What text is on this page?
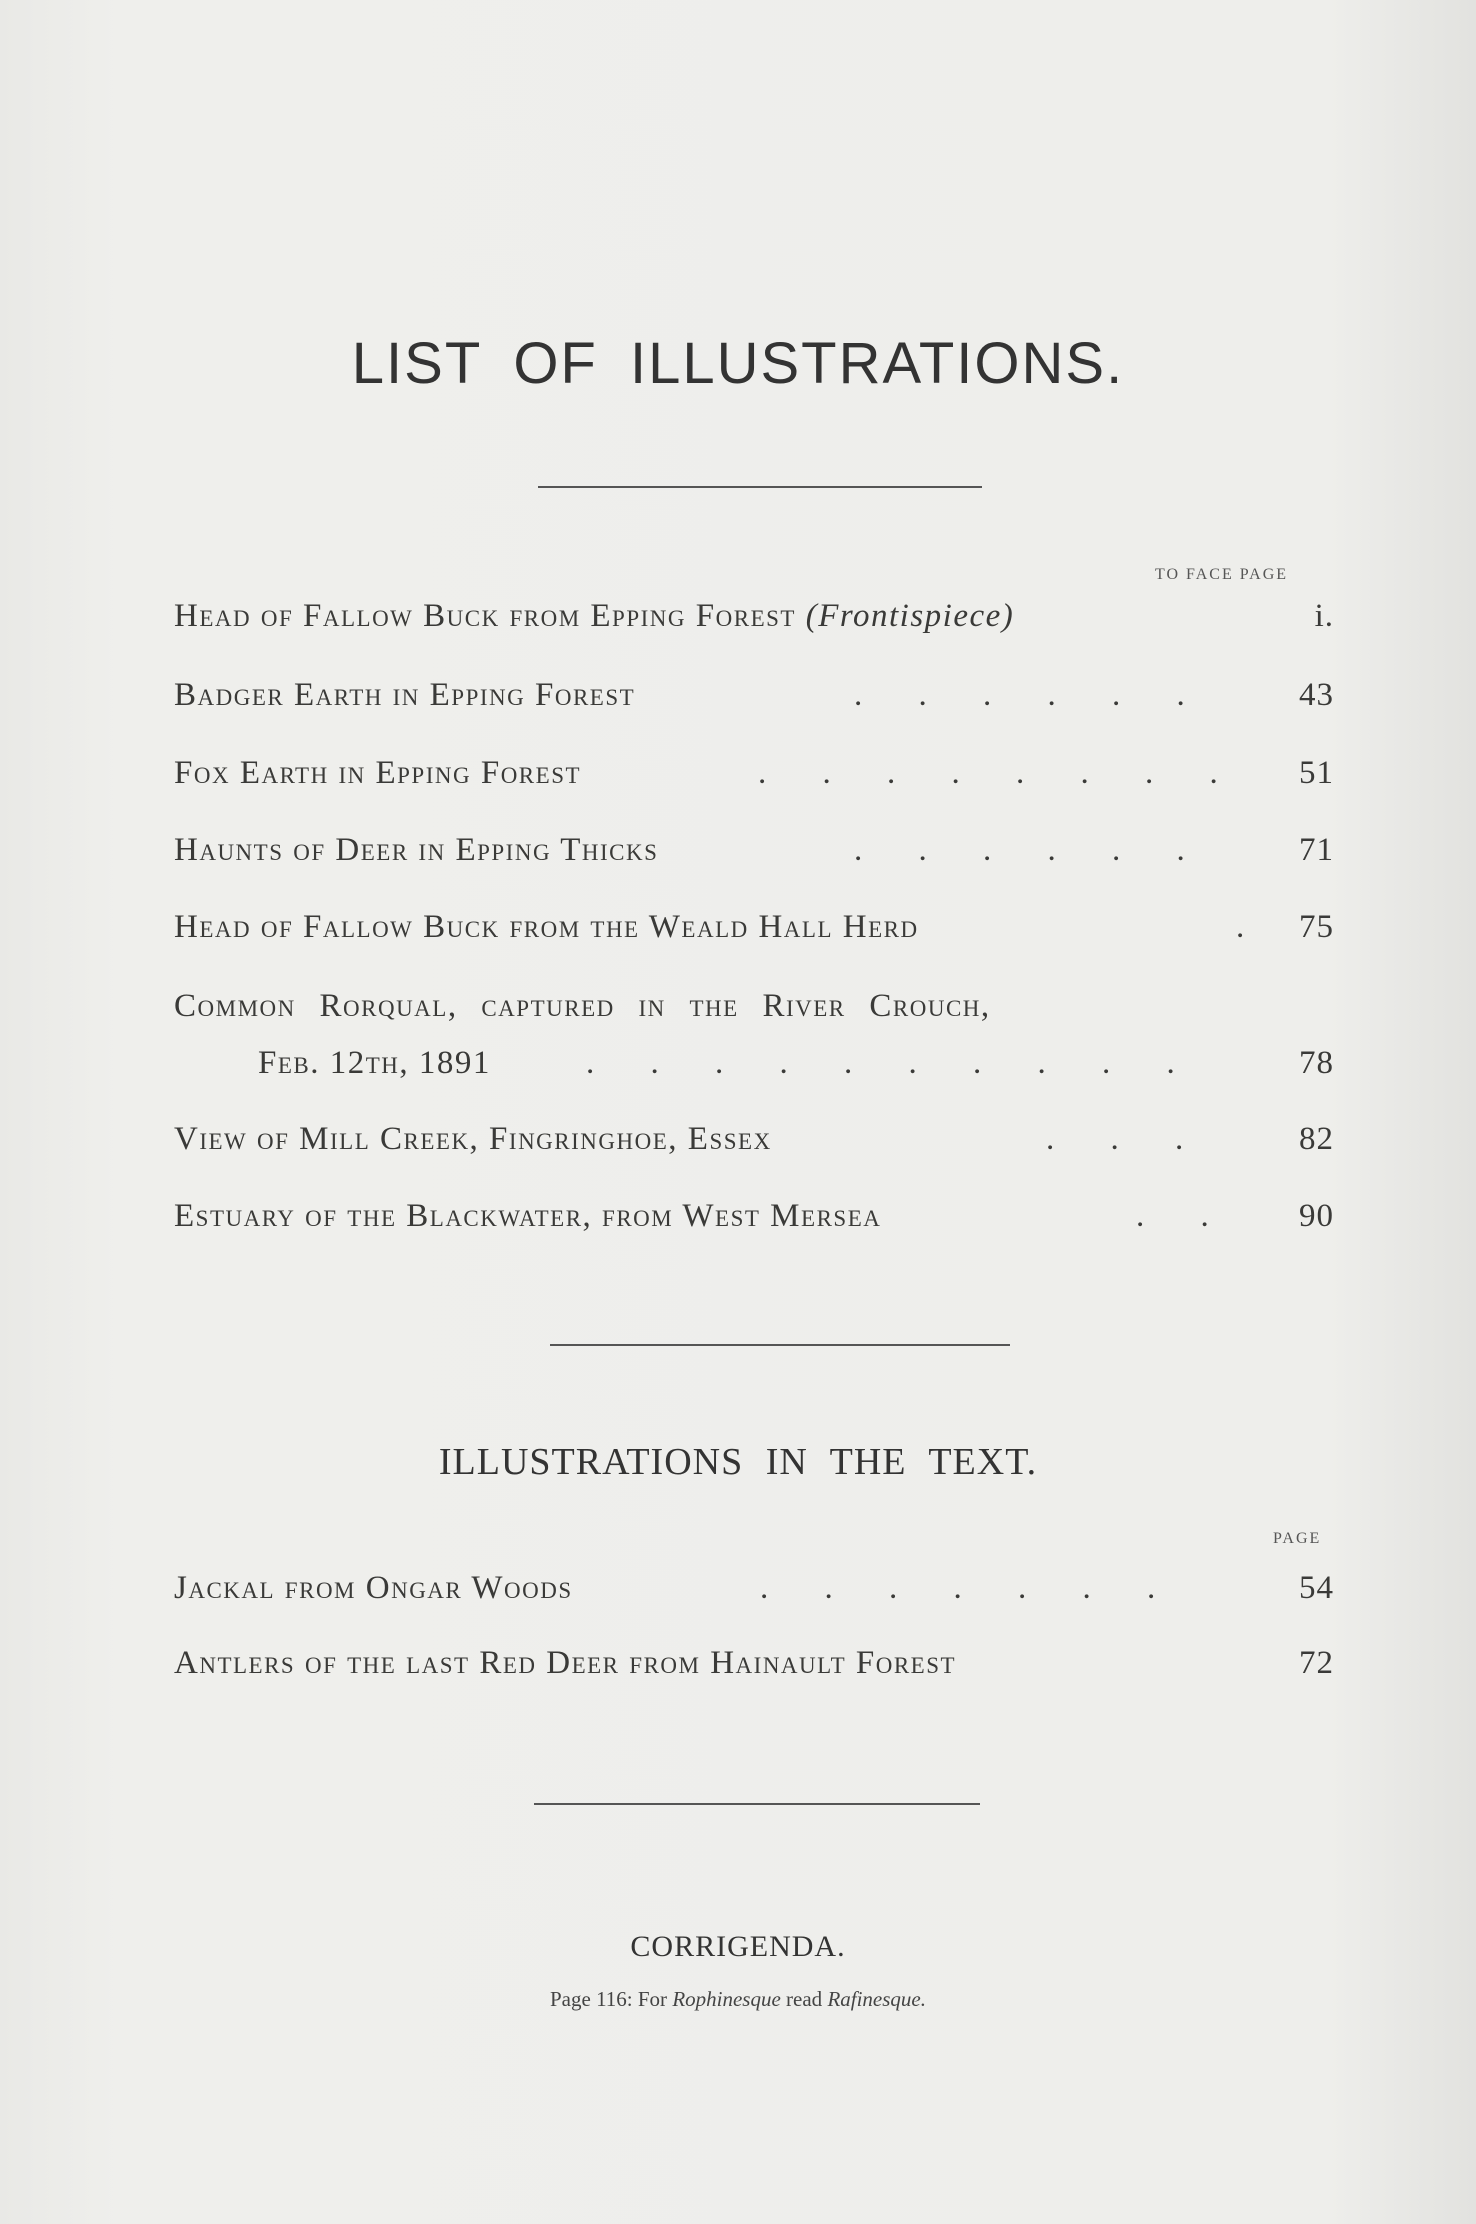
LIST OF ILLUSTRATIONS.
TO FACE PAGE
Head of Fallow Buck from Epping Forest (Frontispiece)	i.
Badger Earth in Epping Forest	. . . . . .	43
Fox Earth in Epping Forest	. . . . . . . .	51
Haunts of Deer in Epping Thicks	. . . . . .	71
Head of Fallow Buck from the Weald Hall Herd	.	75
Common Rorqual, captured in the River Crouch,
Feb. 12th, 1891	. . . . . . . . . .	78
View of Mill Creek, Fingringhoe, Essex	. . .	82
Estuary of the Blackwater, from West Mersea	. .	90
ILLUSTRATIONS IN THE TEXT.
PAGE
Jackal from Ongar Woods	. . . . . . .	54
Antlers of the last Red Deer from Hainault Forest	72
CORRIGENDA.
Page 116: For Rophinesque read Rafinesque.
